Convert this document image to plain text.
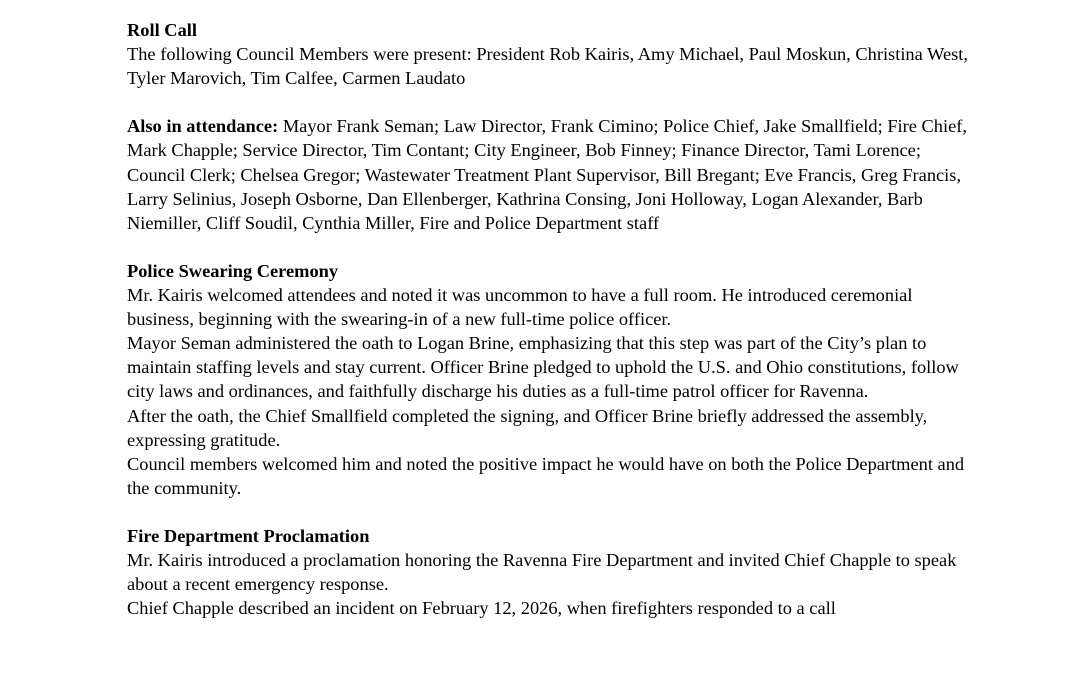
Roll Call
The following Council Members were present: President Rob Kairis, Amy Michael, Paul Moskun, Christina West, Tyler Marovich, Tim Calfee, Carmen Laudato
Also in attendance: Mayor Frank Seman; Law Director, Frank Cimino; Police Chief, Jake Smallfield; Fire Chief, Mark Chapple; Service Director, Tim Contant; City Engineer, Bob Finney; Finance Director, Tami Lorence; Council Clerk; Chelsea Gregor; Wastewater Treatment Plant Supervisor, Bill Bregant; Eve Francis, Greg Francis, Larry Selinius, Joseph Osborne, Dan Ellenberger, Kathrina Consing, Joni Holloway, Logan Alexander, Barb Niemiller, Cliff Soudil, Cynthia Miller, Fire and Police Department staff
Police Swearing Ceremony
Mr. Kairis welcomed attendees and noted it was uncommon to have a full room. He introduced ceremonial business, beginning with the swearing-in of a new full-time police officer.
Mayor Seman administered the oath to Logan Brine, emphasizing that this step was part of the City’s plan to maintain staffing levels and stay current. Officer Brine pledged to uphold the U.S. and Ohio constitutions, follow city laws and ordinances, and faithfully discharge his duties as a full-time patrol officer for Ravenna.
After the oath, the Chief Smallfield completed the signing, and Officer Brine briefly addressed the assembly, expressing gratitude.
Council members welcomed him and noted the positive impact he would have on both the Police Department and the community.
Fire Department Proclamation
Mr. Kairis introduced a proclamation honoring the Ravenna Fire Department and invited Chief Chapple to speak about a recent emergency response.
Chief Chapple described an incident on February 12, 2026, when firefighters responded to a call
